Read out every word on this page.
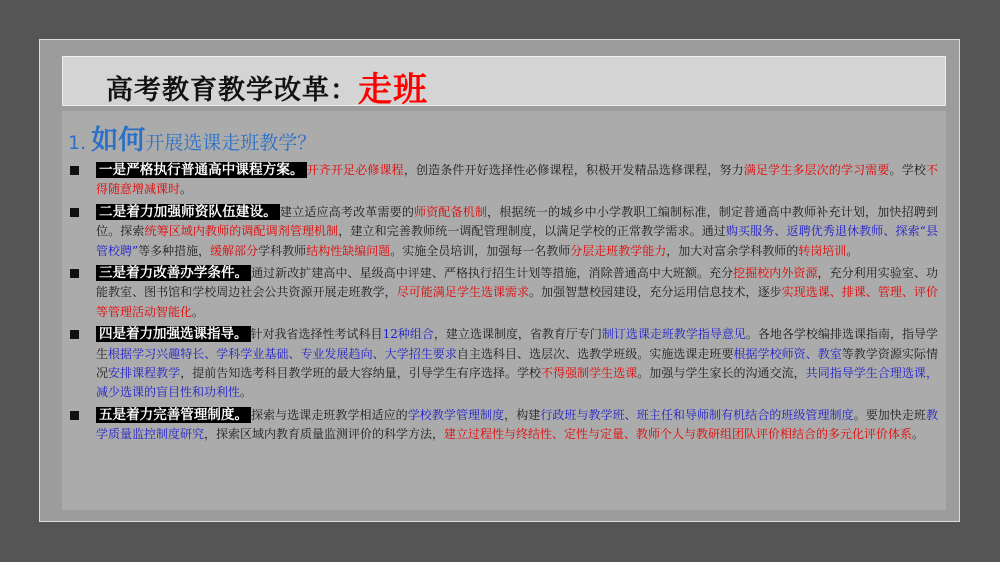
高考教育教学改革：走班
1. 如何开展选课走班教学？
一是严格执行普通高中课程方案。 开齐开足必修课程，创造条件开好选择性必修课程，积极开发精品选修课程，努力满足学生多层次的学习需要。学校不得随意增减课时。
二是着力加强师资队伍建设。 建立适应高考改革需要的师资配备机制，根据统一的城乡中小学教职工编制标准，制定普通高中教师补充计划，加快招聘到位。探索统筹区域内教师的调配调剂管理机制，建立和完善教师统一调配管理制度，以满足学校的正常教学需求。通过购买服务、返聘优秀退休教师、探索“县管校聘”等多种措施，缓解部分学科教师结构性缺编问题。实施全员培训，加强每一名教师分层走班教学能力，加大对富余学科教师的转岗培训。
三是着力改善办学条件。 通过新改扩建高中、星级高中评建、严格执行招生计划等措施，消除普通高中大班额。充分挖掘校内外资源，充分利用实验室、功能教室、图书馆和学校周边社会公共资源开展走班教学，尽可能满足学生选课需求。加强智慧校园建设，充分运用信息技术，逐步实现选课、排课、管理、评价等管理活动智能化。
四是着力加强选课指导。 针对我省选择性考试科目12种组合，建立选课制度，省教育厅专门制订选课走班教学指导意见。各地各学校编排选课指南，指导学生根据学习兴趣特长、学科学业基础、专业发展趋向、大学招生要求自主选科目、选层次、选教学班级。实施选课走班要根据学校师资、教室等教学资源实际情况安排课程教学，提前告知选考科目教学班的最大容纳量，引导学生有序选择。学校不得强制学生选课。加强与学生家长的沟通交流，共同指导学生合理选课，减少选课的盲目性和功利性。
五是着力完善管理制度。 探索与选课走班教学相适应的学校教学管理制度，构建行政班与教学班、班主任和导师制有机结合的班级管理制度。要加快走班教学质量监控制度研究，探索区域内教育质量监测评价的科学方法，建立过程性与终结性、定性与定量、教师个人与教研组团队评价相结合的多元化评价体系。
